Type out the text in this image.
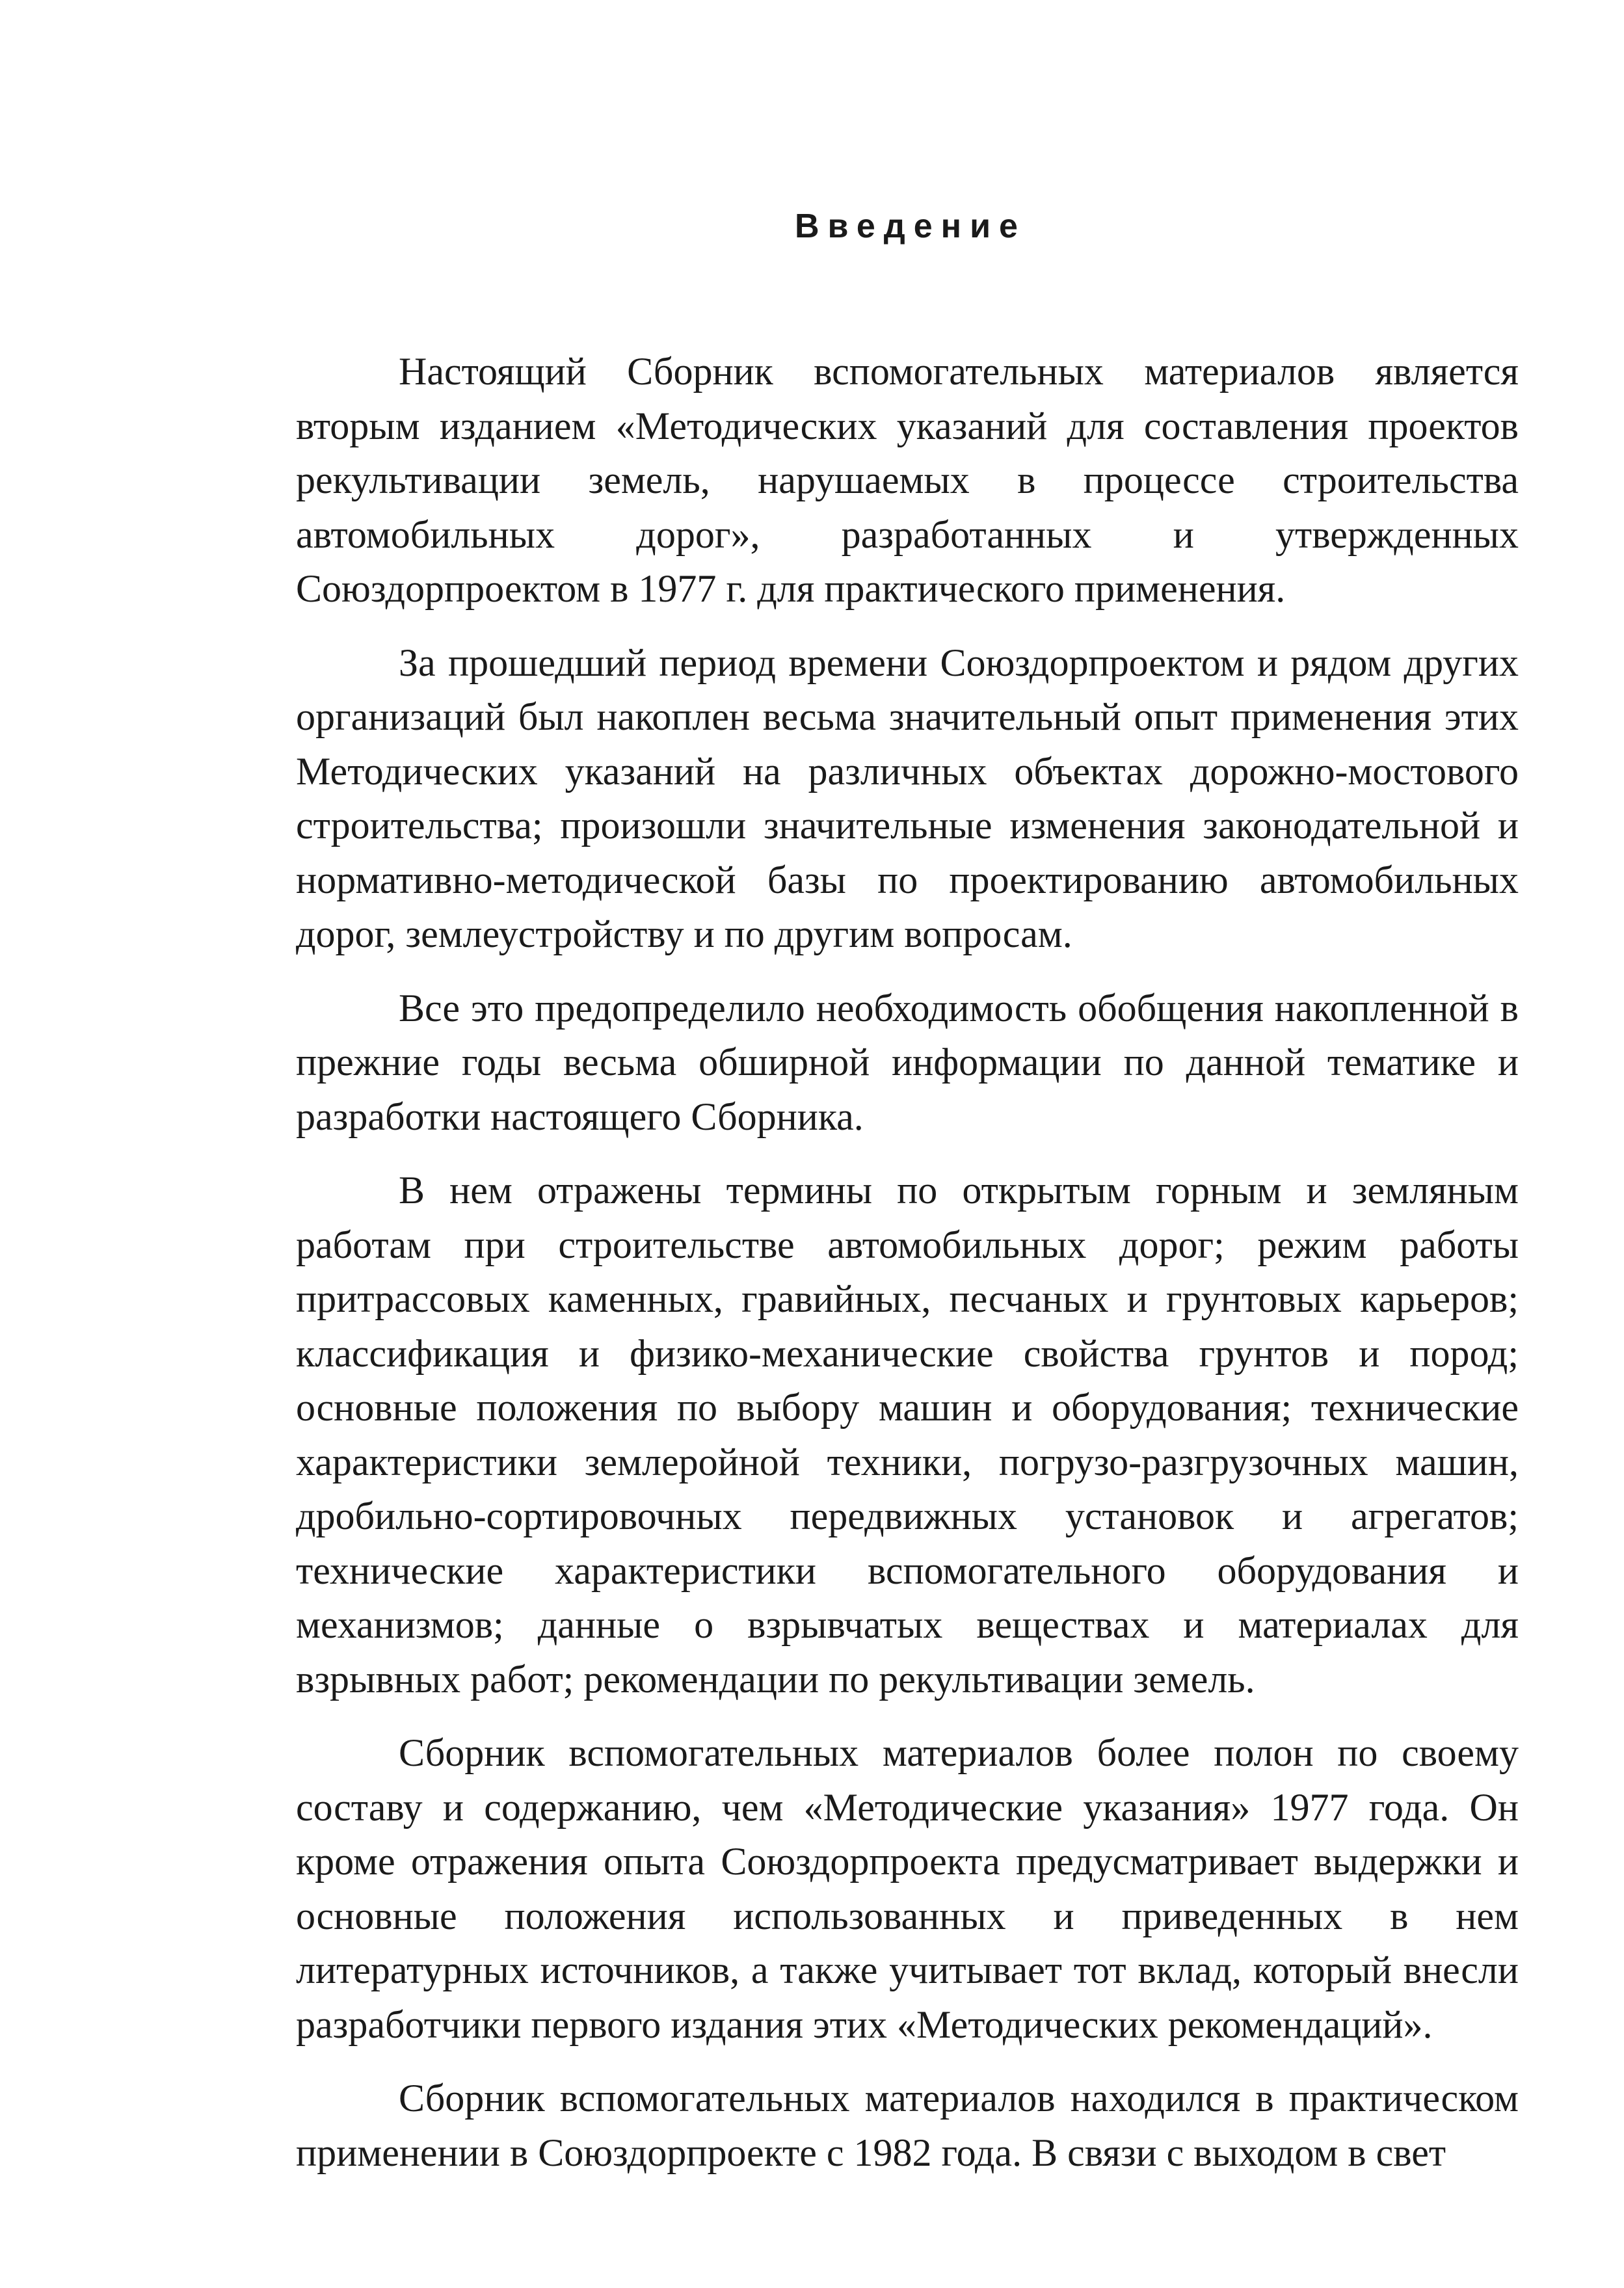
Введение

Настоящий Сборник вспомогательных материалов является вторым изданием «Методических указаний для составления проектов рекультивации земель, нарушаемых в процессе строительства автомобильных дорог», разработанных и утвержденных Союздорпроектом в 1977 г. для практического применения.

За прошедший период времени Союздорпроектом и рядом других организаций был накоплен весьма значительный опыт применения этих Методических указаний на различных объектах дорожно-мостового строительства; произошли значительные изменения законодательной и нормативно-методической базы по проектированию автомобильных дорог, землеустройству и по другим вопросам.

Все это предопределило необходимость обобщения накопленной в прежние годы весьма обширной информации по данной тематике и разработки настоящего Сборника.

В нем отражены термины по открытым горным и земляным работам при строительстве автомобильных дорог; режим работы притрассовых каменных, гравийных, песчаных и грунтовых карьеров; классификация и физико-механические свойства грунтов и пород; основные положения по выбору машин и оборудования; технические характеристики землеройной техники, погрузо-разгрузочных машин, дробильно-сортировочных передвижных установок и агрегатов; технические характеристики вспомогательного оборудования и механизмов; данные о взрывчатых веществах и материалах для взрывных работ; рекомендации по рекультивации земель.

Сборник вспомогательных материалов более полон по своему составу и содержанию, чем «Методические указания» 1977 года. Он кроме отражения опыта Союздорпроекта предусматривает выдержки и основные положения использованных и приведенных в нем литературных источников, а также учитывает тот вклад, который внесли разработчики первого издания этих «Методических рекомендаций».

Сборник вспомогательных материалов находился в практическом применении в Союздорпроекте с 1982 года. В связи с выходом в свет
